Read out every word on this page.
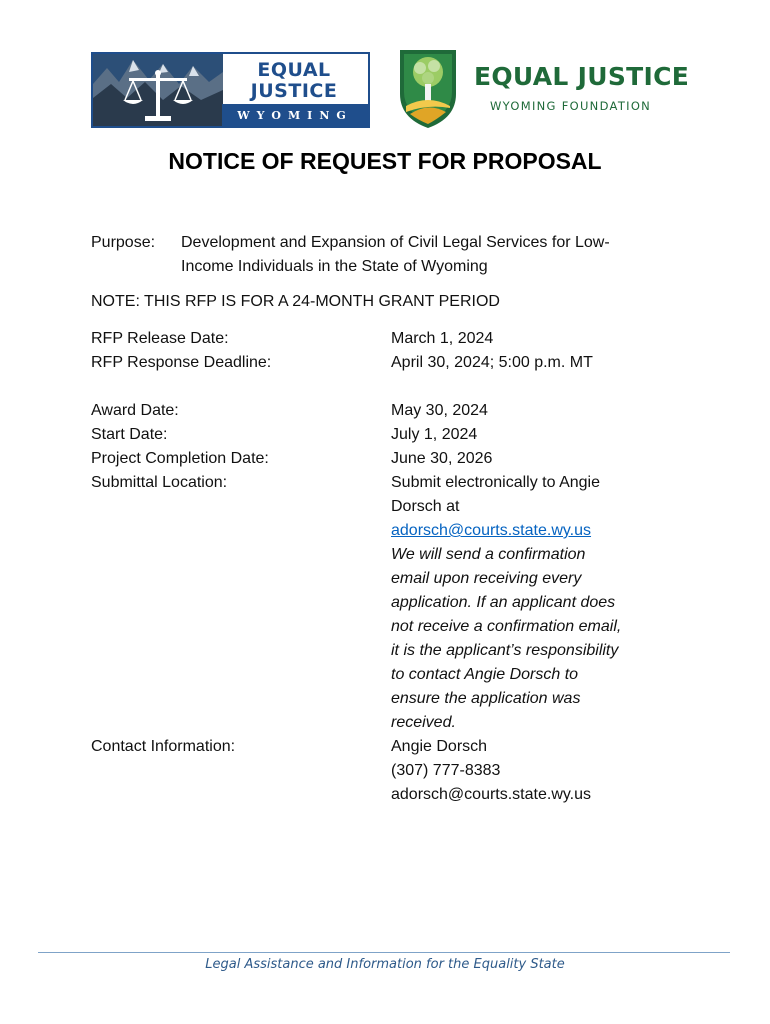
EQUAL
JUSTICE
WYOMING
EQUAL JUSTICE
WYOMING FOUNDATION
NOTICE OF REQUEST FOR PROPOSAL
Purpose: Development and Expansion of Civil Legal Services for Low-
Income Individuals in the State of Wyoming
NOTE: THIS RFP IS FOR A 24-MONTH GRANT PERIOD
RFP Release Date:	March 1, 2024
RFP Response Deadline:	April 30, 2024; 5:00 p.m. MT
Award Date:	May 30, 2024
Start Date:	July 1, 2024
Project Completion Date:	June 30, 2026
Submittal Location:	Submit electronically to Angie
Dorsch at
adorsch@courts.state.wy.us
We will send a confirmation
email upon receiving every
application. If an applicant does
not receive a confirmation email,
it is the applicant’s responsibility
to contact Angie Dorsch to
ensure the application was
received.
Contact Information:	Angie Dorsch
(307) 777-8383
adorsch@courts.state.wy.us
Legal Assistance and Information for the Equality State
